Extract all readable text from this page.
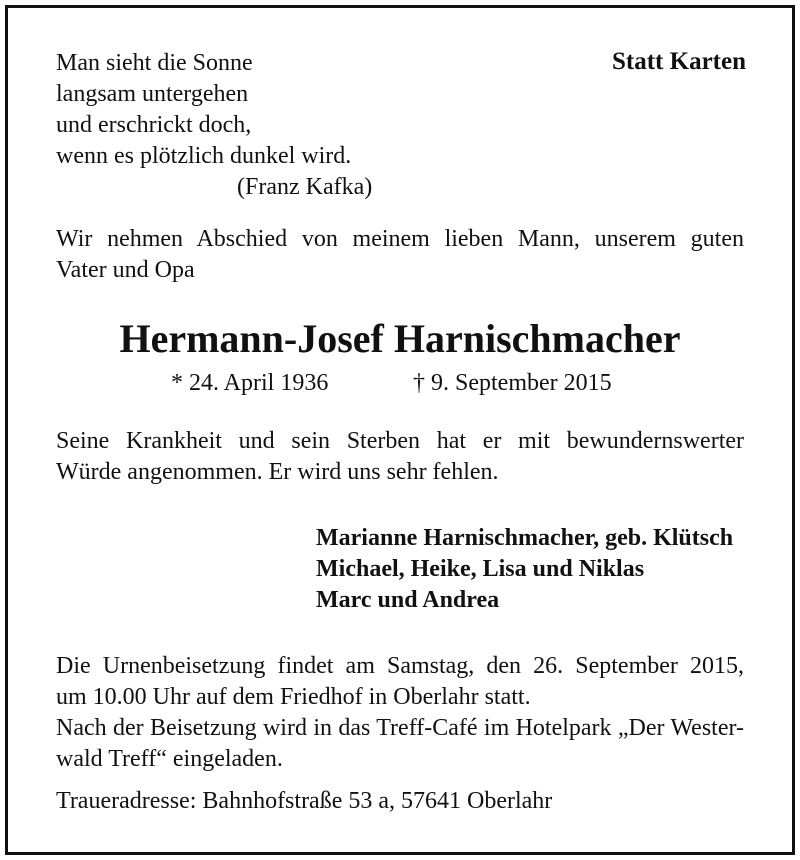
Man sieht die Sonne
langsam untergehen
und erschrickt doch,
wenn es plötzlich dunkel wird.
(Franz Kafka)
Statt Karten
Wir nehmen Abschied von meinem lieben Mann, unserem guten
Vater und Opa
Hermann-Josef Harnischmacher
* 24. April 1936	† 9. September 2015
Seine Krankheit und sein Sterben hat er mit bewundernswerter
Würde angenommen. Er wird uns sehr fehlen.
Marianne Harnischmacher, geb. Klütsch
Michael, Heike, Lisa und Niklas
Marc und Andrea
Die Urnenbeisetzung findet am Samstag, den 26. September 2015,
um 10.00 Uhr auf dem Friedhof in Oberlahr statt.
Nach der Beisetzung wird in das Treff-Café im Hotelpark „Der Wester-
wald Treff“ eingeladen.
Traueradresse: Bahnhofstraße 53 a, 57641 Oberlahr
